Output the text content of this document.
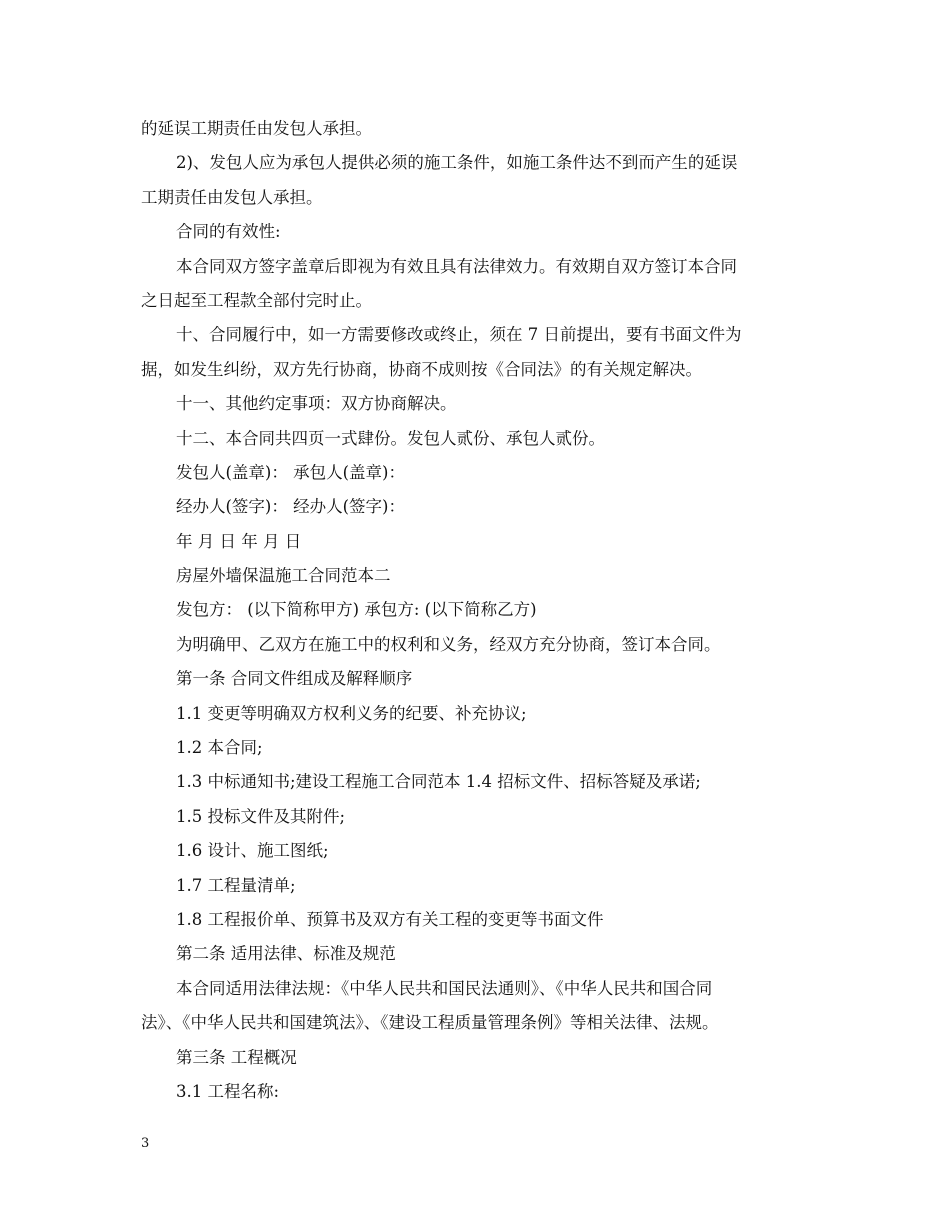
的延误工期责任由发包人承担。
2)、发包人应为承包人提供必须的施工条件，如施工条件达不到而产生的延误
工期责任由发包人承担。
合同的有效性:
本合同双方签字盖章后即视为有效且具有法律效力。有效期自双方签订本合同
之日起至工程款全部付完时止。
十、合同履行中，如一方需要修改或终止，须在 7 日前提出，要有书面文件为
据，如发生纠纷，双方先行协商，协商不成则按《合同法》的有关规定解决。
十一、其他约定事项：双方协商解决。
十二、本合同共四页一式肆份。发包人贰份、承包人贰份。
发包人(盖章)： 承包人(盖章)：
经办人(签字)： 经办人(签字)：
年 月 日 年 月 日
房屋外墙保温施工合同范本二
发包方： (以下简称甲方) 承包方: (以下简称乙方)
为明确甲、乙双方在施工中的权利和义务，经双方充分协商，签订本合同。
第一条 合同文件组成及解释顺序
1.1 变更等明确双方权利义务的纪要、补充协议;
1.2 本合同;
1.3 中标通知书;建设工程施工合同范本 1.4 招标文件、招标答疑及承诺;
1.5 投标文件及其附件;
1.6 设计、施工图纸;
1.7 工程量清单;
1.8 工程报价单、预算书及双方有关工程的变更等书面文件
第二条 适用法律、标准及规范
本合同适用法律法规：《中华人民共和国民法通则》、《中华人民共和国合同
法》、《中华人民共和国建筑法》、《建设工程质量管理条例》等相关法律、法规。
第三条 工程概况
3.1 工程名称:
3
